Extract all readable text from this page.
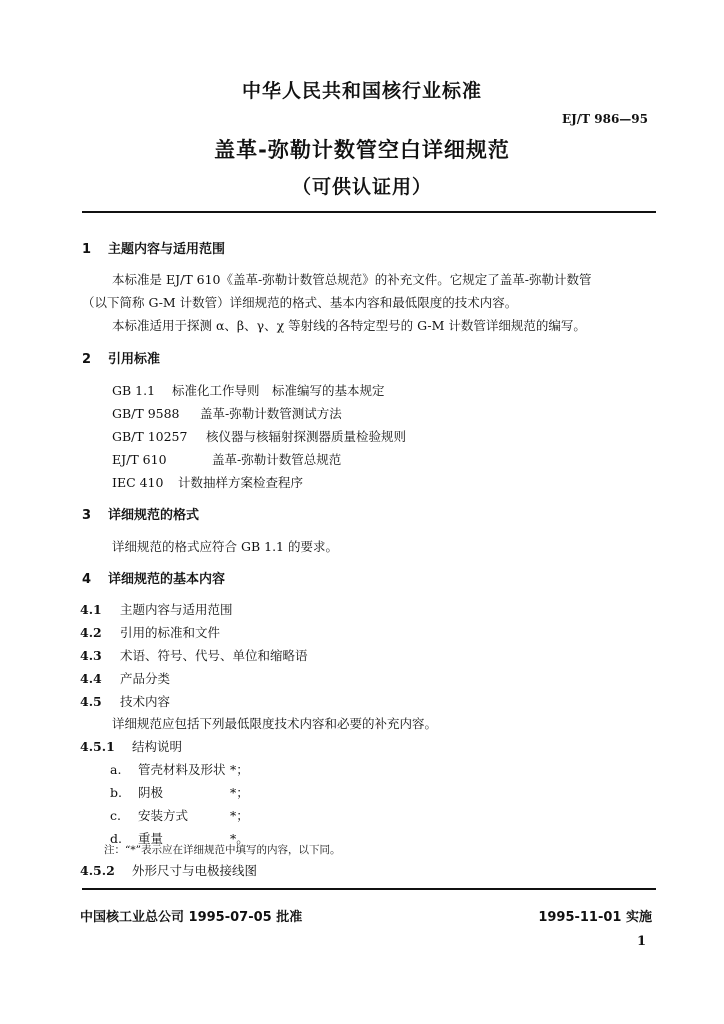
中华人民共和国核行业标准
EJ/T 986—95
盖革-弥勒计数管空白详细规范
（可供认证用）
1 主题内容与适用范围
本标准是 EJ/T 610《盖革-弥勒计数管总规范》的补充文件。它规定了盖革-弥勒计数管
（以下简称 G-M 计数管）详细规范的格式、基本内容和最低限度的技术内容。
本标准适用于探测 α、β、γ、χ 等射线的各特定型号的 G-M 计数管详细规范的编写。
2 引用标准
GB 1.1 标准化工作导则　标准编写的基本规定
GB/T 9588 盖革-弥勒计数管测试方法
GB/T 10257 核仪器与核辐射探测器质量检验规则
EJ/T 610	盖革-弥勒计数管总规范
IEC 410 计数抽样方案检查程序
3 详细规范的格式
详细规范的格式应符合 GB 1.1 的要求。
4 详细规范的基本内容
4.1 主题内容与适用范围
4.2 引用的标准和文件
4.3 术语、符号、代号、单位和缩略语
4.4 产品分类
4.5 技术内容
详细规范应包括下列最低限度技术内容和必要的补充内容。
4.5.1 结构说明
a. 管壳材料及形状 *；
b. 阴极	*；
c. 安装方式	*；
d. 重量	*。
注：“*”表示应在详细规范中填写的内容，以下同。
4.5.2 外形尺寸与电极接线图
中国核工业总公司 1995-07-05 批准	1995-11-01 实施
1
